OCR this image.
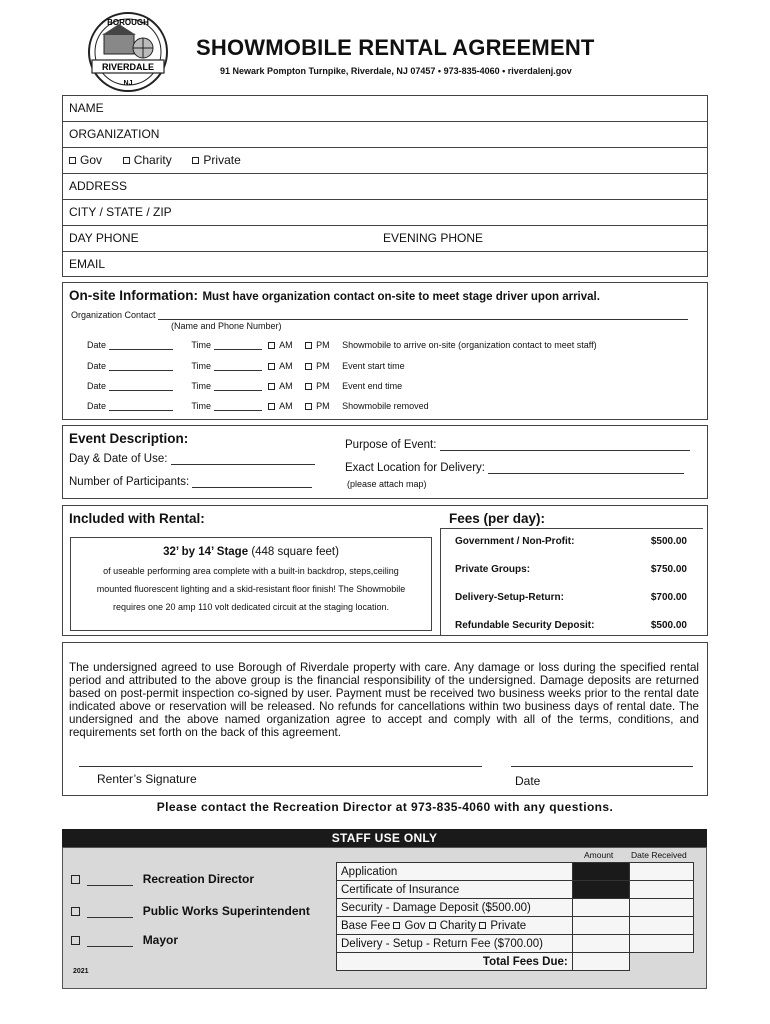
BOROUGH
RIVERDALE
NJ
SHOWMOBILE RENTAL AGREEMENT
91 Newark Pompton Turnpike, Riverdale, NJ 07457 • 973-835-4060 • riverdalenj.gov
NAME
ORGANIZATION
Gov	Charity	Private
ADDRESS
CITY / STATE / ZIP
DAY PHONE	EVENING PHONE
EMAIL
On-site Information: Must have organization contact on-site to meet stage driver upon arrival.
Organization Contact
(Name and Phone Number)
Date	Time	AM	PM Showmobile to arrive on-site (organization contact to meet staff)
Date	Time	AM	PM Event start time
Date	Time	AM	PM Event end time
Date	Time	AM	PM Showmobile removed
Event Description:
Day & Date of Use:
Number of Participants:
Purpose of Event:
Exact Location for Delivery:
(please attach map)
Included with Rental:
32’ by 14’ Stage (448 square feet)
of useable performing area complete with a built-in backdrop, steps,ceiling
mounted fluorescent lighting and a skid-resistant floor finish! The Showmobile
requires one 20 amp 110 volt dedicated circuit at the staging location.
Fees (per day):
Government / Non-Profit:	$500.00
Private Groups:	$750.00
Delivery-Setup-Return:	$700.00
Refundable Security Deposit:	$500.00
The undersigned agreed to use Borough of Riverdale property with care. Any damage or loss during the specified rental period and attributed to the above group is the financial responsibility of the undersigned. Damage deposits are returned based on post-permit inspection co-signed by user. Payment must be received two business weeks prior to the rental date indicated above or reservation will be released. No refunds for cancellations within two business days of rental date. The undersigned and the above named organization agree to accept and comply with all of the terms, conditions, and requirements set forth on the back of this agreement.
Renter’s Signature	Date
Please contact the Recreation Director at 973-835-4060 with any questions.
STAFF USE ONLY
Amount Date Received
Recreation Director
Public Works Superintendent
Mayor
2021
Application		
Certificate of Insurance		
Security - Damage Deposit ($500.00)		
Base Fee Gov Charity Private		
Delivery - Setup - Return Fee ($700.00)		
Total Fees Due:		
